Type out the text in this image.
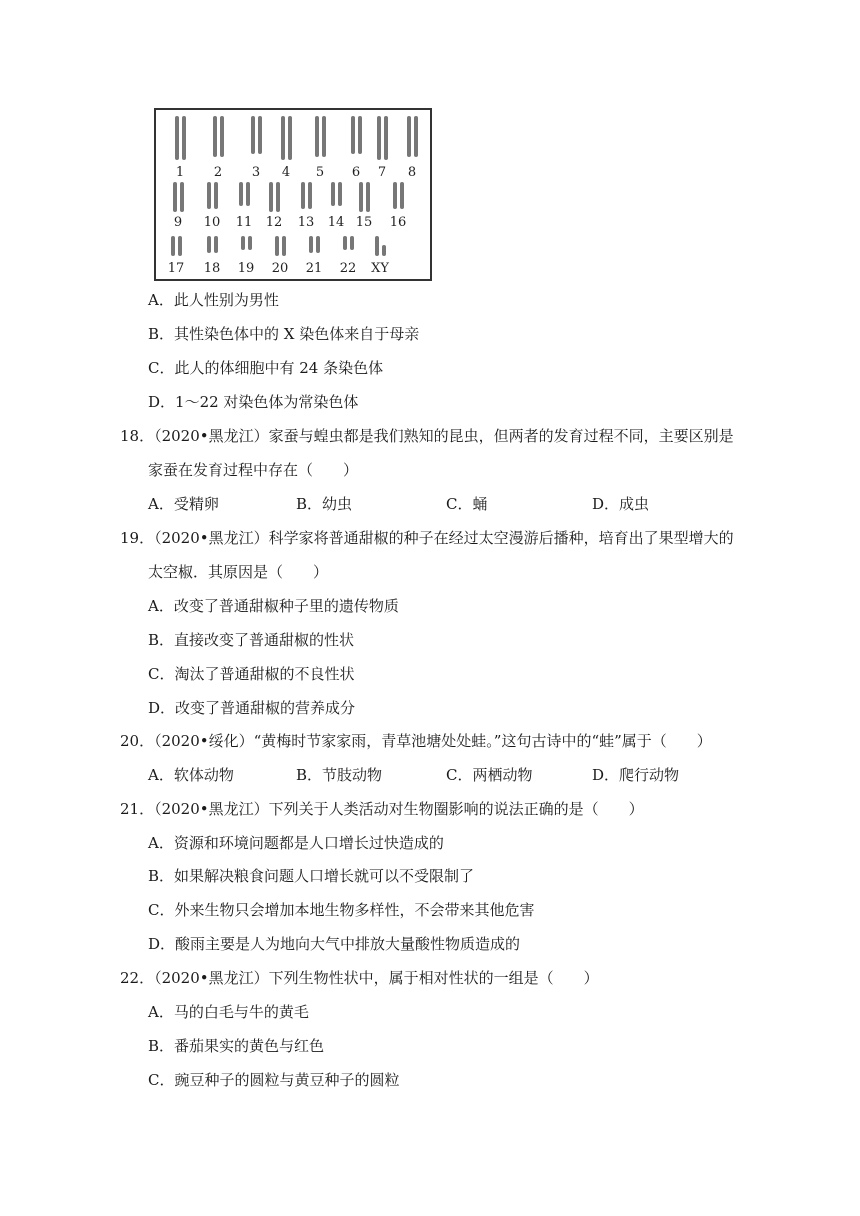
1	2	3	4	5	6	7	8
9	10	11	12	13	14 15	16
17	18	19	20	21	22	XY
A．此人性别为男性
B．其性染色体中的 X 染色体来自于母亲
C．此人的体细胞中有 24 条染色体
D．1～22 对染色体为常染色体
18．（2020•黑龙江）家蚕与蝗虫都是我们熟知的昆虫，但两者的发育过程不同，主要区别是
家蚕在发育过程中存在（　　）
A．受精卵	B．幼虫	C．蛹	D．成虫
19．（2020•黑龙江）科学家将普通甜椒的种子在经过太空漫游后播种，培育出了果型增大的
太空椒．其原因是（　　）
A．改变了普通甜椒种子里的遗传物质
B．直接改变了普通甜椒的性状
C．淘汰了普通甜椒的不良性状
D．改变了普通甜椒的营养成分
20．（2020•绥化）“黄梅时节家家雨，青草池塘处处蛙。”这句古诗中的“蛙”属于（　　）
A．软体动物	B．节肢动物	C．两栖动物	D．爬行动物
21．（2020•黑龙江）下列关于人类活动对生物圈影响的说法正确的是（　　）
A．资源和环境问题都是人口增长过快造成的
B．如果解决粮食问题人口增长就可以不受限制了
C．外来生物只会增加本地生物多样性，不会带来其他危害
D．酸雨主要是人为地向大气中排放大量酸性物质造成的
22．（2020•黑龙江）下列生物性状中，属于相对性状的一组是（　　）
A．马的白毛与牛的黄毛
B．番茄果实的黄色与红色
C．豌豆种子的圆粒与黄豆种子的圆粒
